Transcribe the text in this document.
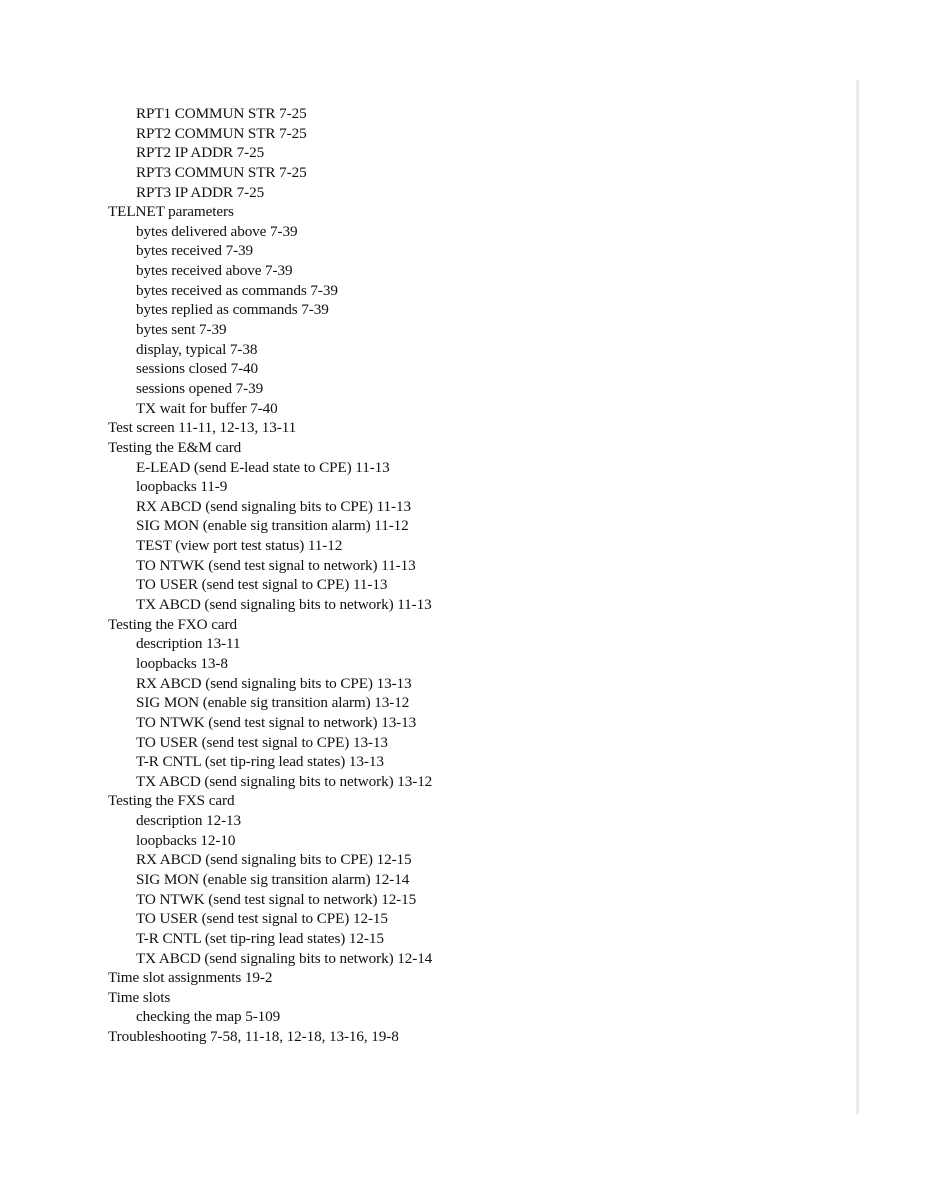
RPT1 COMMUN STR 7-25
RPT2 COMMUN STR 7-25
RPT2 IP ADDR 7-25
RPT3 COMMUN STR 7-25
RPT3 IP ADDR 7-25
TELNET parameters
bytes delivered above 7-39
bytes received 7-39
bytes received above 7-39
bytes received as commands 7-39
bytes replied as commands 7-39
bytes sent 7-39
display, typical 7-38
sessions closed 7-40
sessions opened 7-39
TX wait for buffer 7-40
Test screen 11-11, 12-13, 13-11
Testing the E&M card
E-LEAD (send E-lead state to CPE) 11-13
loopbacks 11-9
RX ABCD (send signaling bits to CPE) 11-13
SIG MON (enable sig transition alarm) 11-12
TEST (view port test status) 11-12
TO NTWK (send test signal to network) 11-13
TO USER (send test signal to CPE) 11-13
TX ABCD (send signaling bits to network) 11-13
Testing the FXO card
description 13-11
loopbacks 13-8
RX ABCD (send signaling bits to CPE) 13-13
SIG MON (enable sig transition alarm) 13-12
TO NTWK (send test signal to network) 13-13
TO USER (send test signal to CPE) 13-13
T-R CNTL (set tip-ring lead states) 13-13
TX ABCD (send signaling bits to network) 13-12
Testing the FXS card
description 12-13
loopbacks 12-10
RX ABCD (send signaling bits to CPE) 12-15
SIG MON (enable sig transition alarm) 12-14
TO NTWK (send test signal to network) 12-15
TO USER (send test signal to CPE) 12-15
T-R CNTL (set tip-ring lead states) 12-15
TX ABCD (send signaling bits to network) 12-14
Time slot assignments 19-2
Time slots
checking the map 5-109
Troubleshooting 7-58, 11-18, 12-18, 13-16, 19-8
